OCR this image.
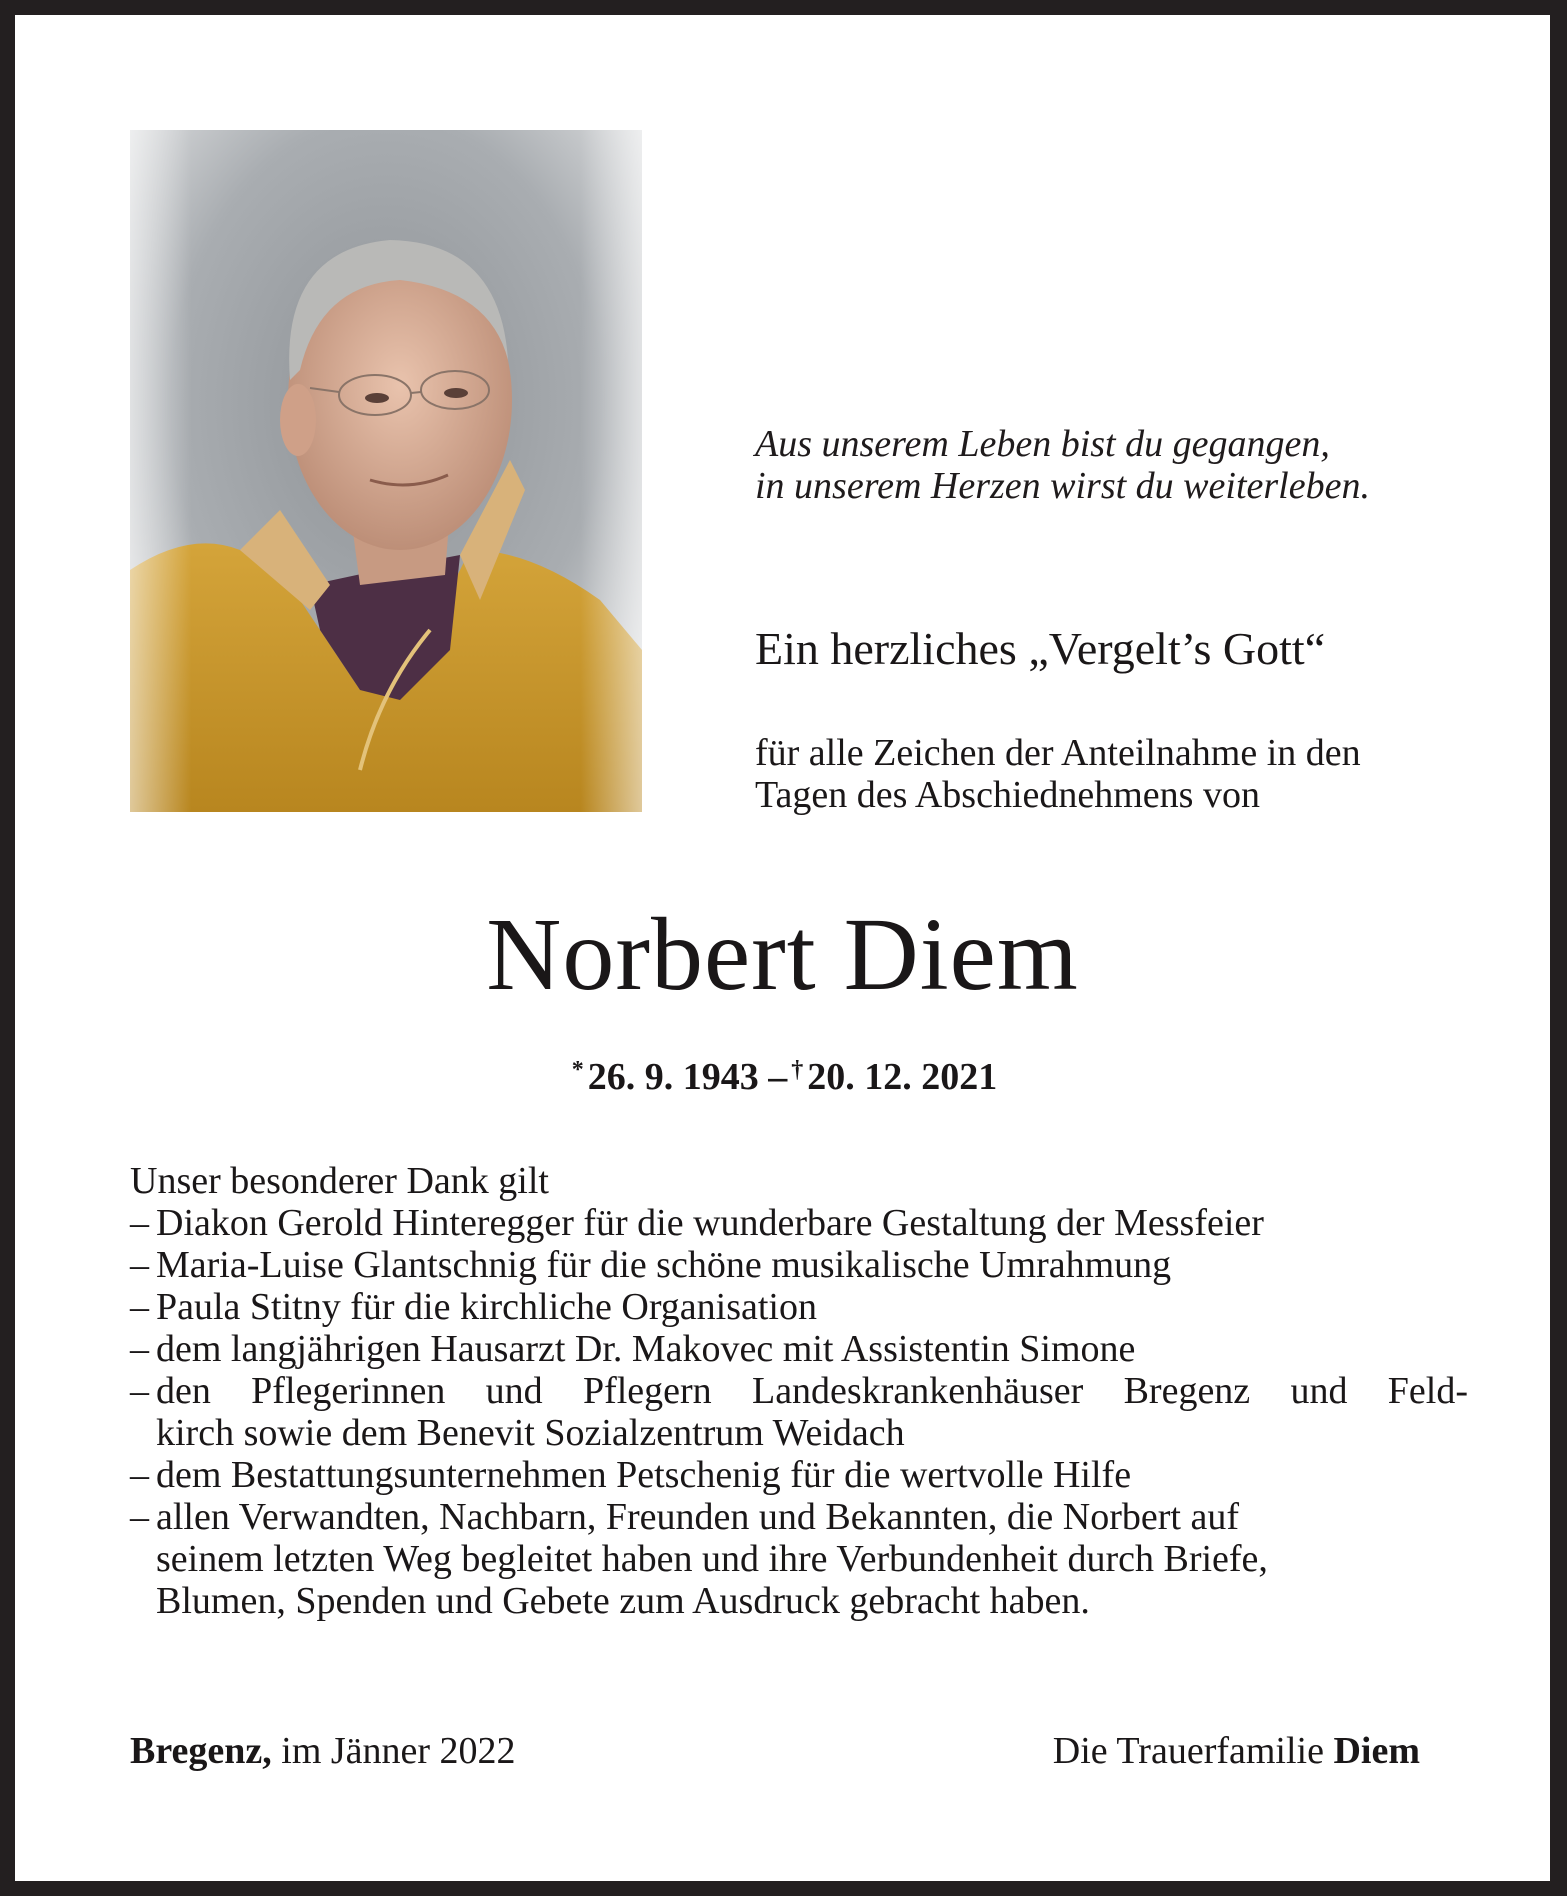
Aus unserem Leben bist du gegangen,
in unserem Herzen wirst du weiterleben.
Ein herzliches „Vergelt’s Gott“
für alle Zeichen der Anteilnahme in den
Tagen des Abschiednehmens von
Norbert Diem
* 26. 9. 1943 – † 20. 12. 2021
Unser besonderer Dank gilt
– Diakon Gerold Hinteregger für die wunderbare Gestaltung der Messfeier
– Maria-Luise Glantschnig für die schöne musikalische Umrahmung
– Paula Stitny für die kirchliche Organisation
– dem langjährigen Hausarzt Dr. Makovec mit Assistentin Simone
– den Pflegerinnen und Pflegern Landeskrankenhäuser Bregenz und Feld-
kirch sowie dem Benevit Sozialzentrum Weidach
– dem Bestattungsunternehmen Petschenig für die wertvolle Hilfe
– allen Verwandten, Nachbarn, Freunden und Bekannten, die Norbert auf
seinem letzten Weg begleitet haben und ihre Verbundenheit durch Briefe,
Blumen, Spenden und Gebete zum Ausdruck gebracht haben.
Bregenz, im Jänner 2022	Die Trauerfamilie Diem
